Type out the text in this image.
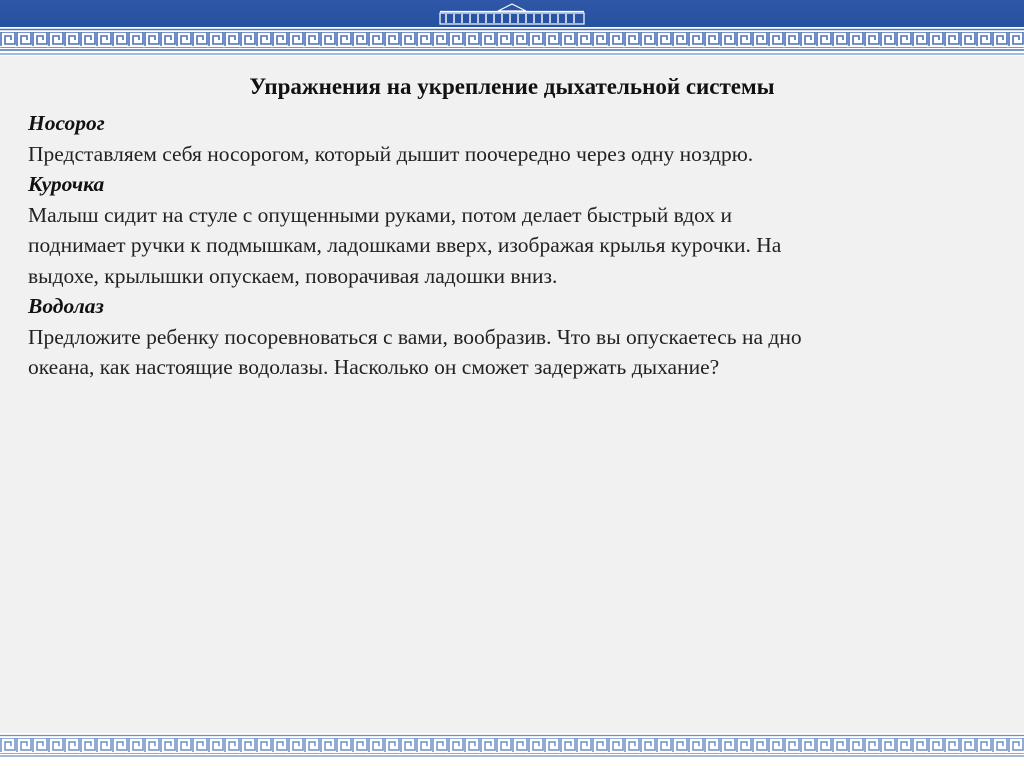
Упражнения на укрепление дыхательной системы
Носорог
Представляем себя носорогом, который дышит поочередно через одну ноздрю.
Курочка
Малыш сидит на стуле с опущенными руками, потом делает быстрый вдох и
поднимает ручки к подмышкам, ладошками вверх, изображая крылья курочки. На
выдохе, крылышки опускаем, поворачивая ладошки вниз.
Водолаз
Предложите ребенку посоревноваться с вами, вообразив. Что вы опускаетесь на дно
океана, как настоящие водолазы. Насколько он сможет задержать дыхание?
